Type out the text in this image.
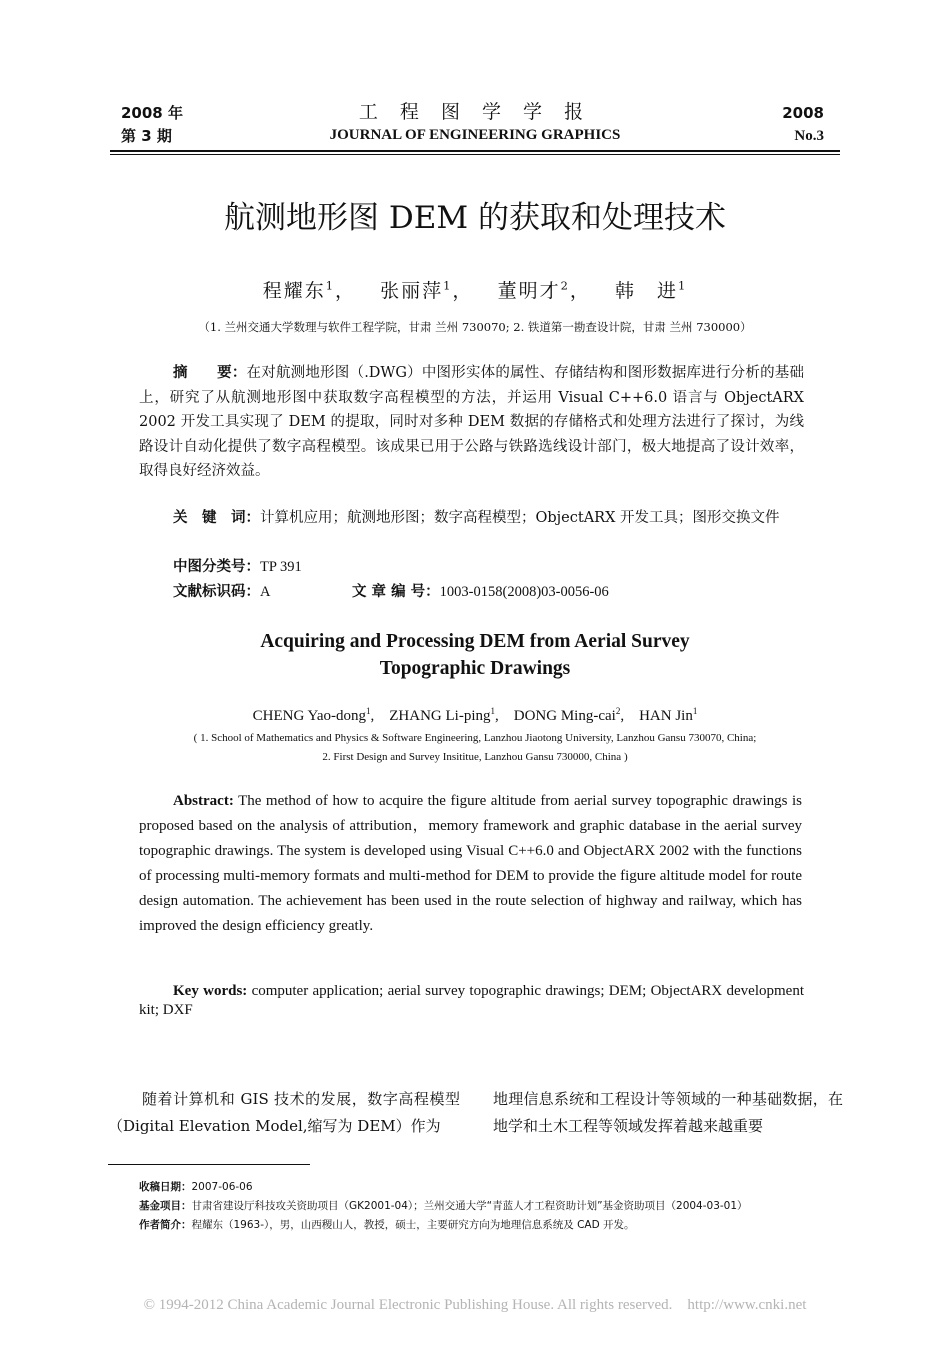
2008 年
第 3 期
工 程 图 学 学 报
JOURNAL OF ENGINEERING GRAPHICS
2008
No.3
航测地形图 DEM 的获取和处理技术
程耀东$^1$， 张丽萍$^1$， 董明才$^2$， 韩　进$^1$
（1. 兰州交通大学数理与软件工程学院，甘肃 兰州 730070; 2. 铁道第一勘查设计院，甘肃 兰州 730000）
摘　　要：在对航测地形图（.DWG）中图形实体的属性、存储结构和图形数据库进行分析的基础上，研究了从航测地形图中获取数字高程模型的方法，并运用 Visual C++6.0 语言与 ObjectARX 2002 开发工具实现了 DEM 的提取，同时对多种 DEM 数据的存储格式和处理方法进行了探讨，为线路设计自动化提供了数字高程模型。该成果已用于公路与铁路选线设计部门，极大地提高了设计效率，取得良好经济效益。
关　键　词：计算机应用；航测地形图；数字高程模型；ObjectARX 开发工具；图形交换文件
中图分类号：TP 391
文献标识码：A	文 章 编 号：1003-0158(2008)03-0056-06
Acquiring and Processing DEM from Aerial Survey
Topographic Drawings
CHENG Yao-dong$^1$,    ZHANG Li-ping$^1$,    DONG Ming-cai$^2$,    HAN Jin$^1$
( 1. School of Mathematics and Physics & Software Engineering, Lanzhou Jiaotong University, Lanzhou Gansu 730070, China;
2. First Design and Survey Insititue, Lanzhou Gansu 730000, China )
Abstract: The method of how to acquire the figure altitude from aerial survey topographic drawings is proposed based on the analysis of attribution，memory framework and graphic database in the aerial survey topographic drawings. The system is developed using Visual C++6.0 and ObjectARX 2002 with the functions of processing multi-memory formats and multi-method for DEM to provide the figure altitude model for route design automation. The achievement has been used in the route selection of highway and railway, which has improved the design efficiency greatly.
Key words: computer application; aerial survey topographic drawings; DEM; ObjectARX development kit; DXF
随着计算机和 GIS 技术的发展，数字高程模型（Digital Elevation Model,缩写为 DEM）作为
地理信息系统和工程设计等领域的一种基础数据，在地学和土木工程等领域发挥着越来越重要
收稿日期：2007-06-06
基金项目：甘肃省建设厅科技攻关资助项目（GK2001-04）；兰州交通大学“青蓝人才工程资助计划”基金资助项目（2004-03-01）
作者简介：程耀东（1963-），男，山西稷山人，教授，硕士，主要研究方向为地理信息系统及 CAD 开发。
© 1994-2012 China Academic Journal Electronic Publishing House. All rights reserved.    http://www.cnki.net
